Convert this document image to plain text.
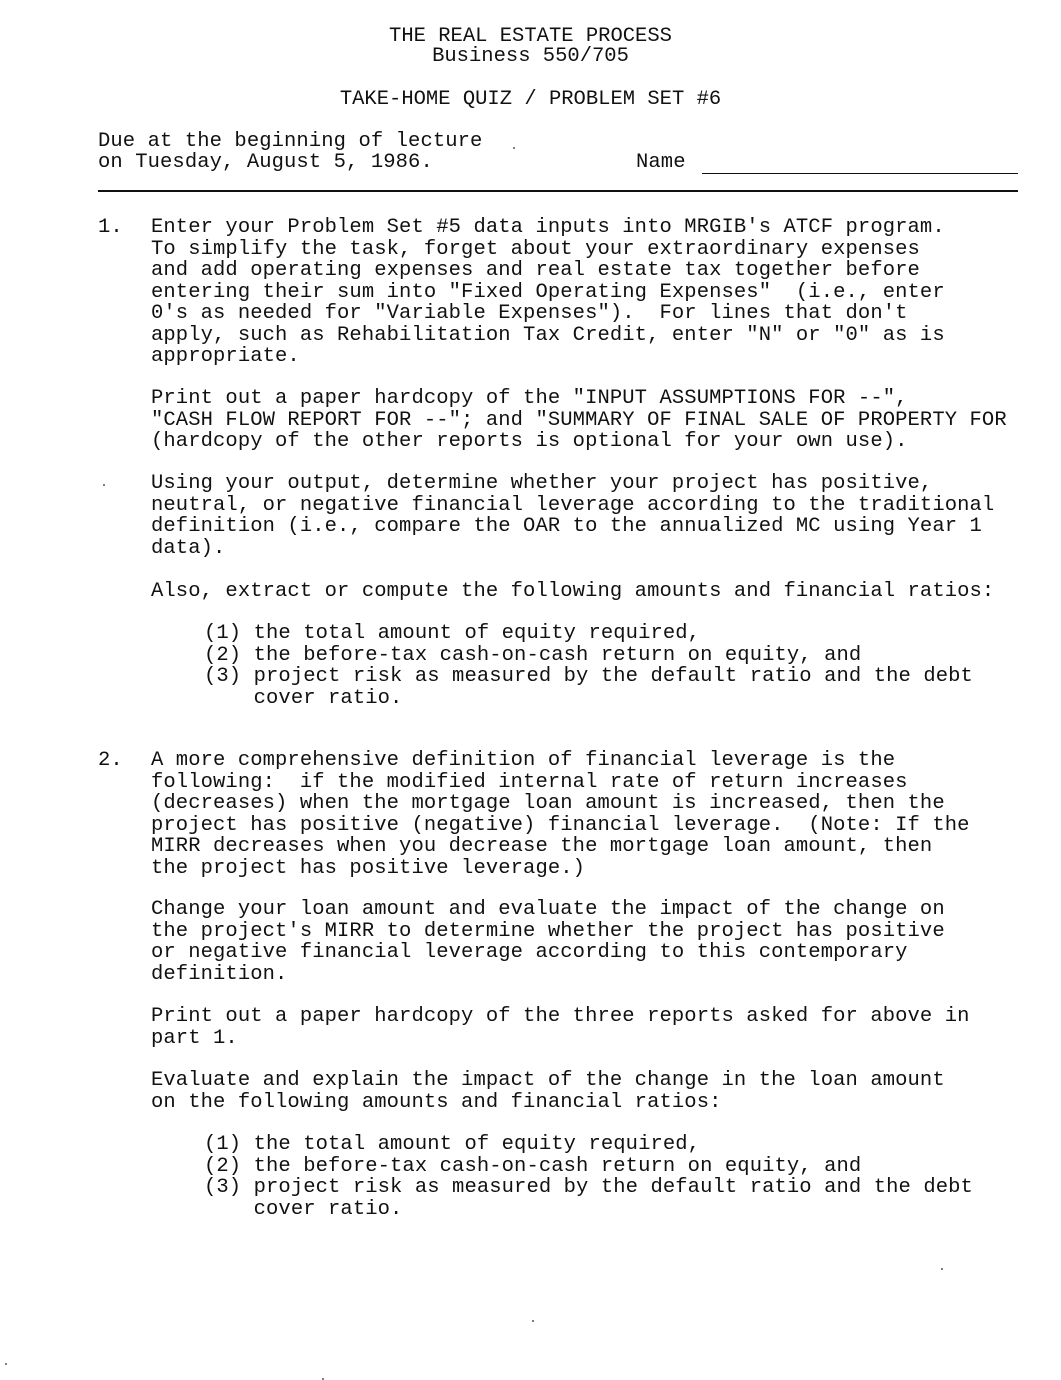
THE REAL ESTATE PROCESS
Business 550/705
TAKE-HOME QUIZ / PROBLEM SET #6
Due at the beginning of lecture
on Tuesday, August 5, 1986.	Name
1. Enter your Problem Set #5 data inputs into MRGIB's ATCF program.
To simplify the task, forget about your extraordinary expenses
and add operating expenses and real estate tax together before
entering their sum into "Fixed Operating Expenses"  (i.e., enter
0's as needed for "Variable Expenses").  For lines that don't
apply, such as Rehabilitation Tax Credit, enter "N" or "0" as is
appropriate.
Print out a paper hardcopy of the "INPUT ASSUMPTIONS FOR --",
"CASH FLOW REPORT FOR --"; and "SUMMARY OF FINAL SALE OF PROPERTY FOR
(hardcopy of the other reports is optional for your own use).
Using your output, determine whether your project has positive,
neutral, or negative financial leverage according to the traditional
definition (i.e., compare the OAR to the annualized MC using Year 1
data).
Also, extract or compute the following amounts and financial ratios:
(1) the total amount of equity required,
(2) the before-tax cash-on-cash return on equity, and
(3) project risk as measured by the default ratio and the debt
cover ratio.
2. A more comprehensive definition of financial leverage is the
following:  if the modified internal rate of return increases
(decreases) when the mortgage loan amount is increased, then the
project has positive (negative) financial leverage.  (Note: If the
MIRR decreases when you decrease the mortgage loan amount, then
the project has positive leverage.)
Change your loan amount and evaluate the impact of the change on
the project's MIRR to determine whether the project has positive
or negative financial leverage according to this contemporary
definition.
Print out a paper hardcopy of the three reports asked for above in
part 1.
Evaluate and explain the impact of the change in the loan amount
on the following amounts and financial ratios:
(1) the total amount of equity required,
(2) the before-tax cash-on-cash return on equity, and
(3) project risk as measured by the default ratio and the debt
cover ratio.
